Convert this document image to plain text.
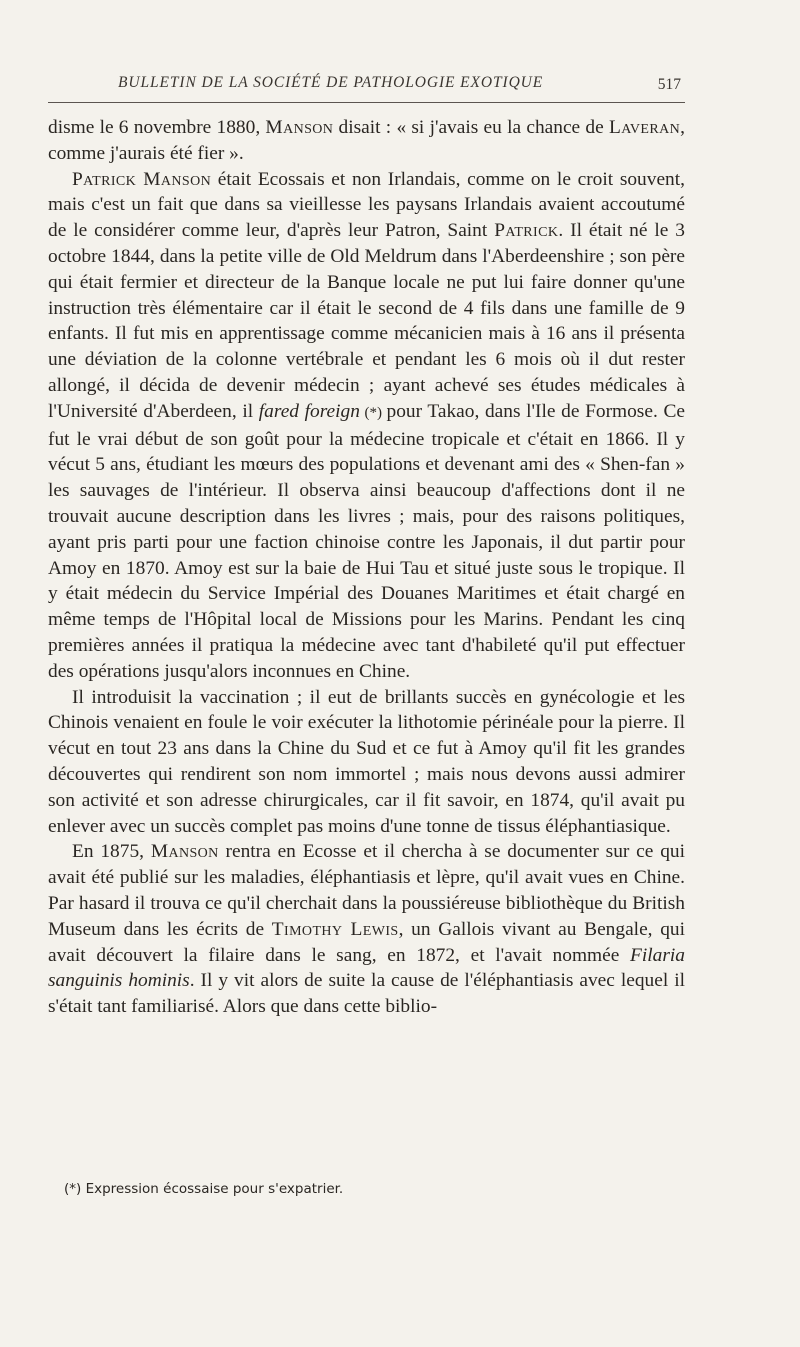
BULLETIN DE LA SOCIÉTÉ DE PATHOLOGIE EXOTIQUE	517

disme le 6 novembre 1880, Manson disait : « si j'avais eu la chance de Laveran, comme j'aurais été fier ».

Patrick Manson était Ecossais et non Irlandais, comme on le croit souvent, mais c'est un fait que dans sa vieillesse les paysans Irlandais avaient accoutumé de le considérer comme leur, d'après leur Patron, Saint Patrick. Il était né le 3 octobre 1844, dans la petite ville de Old Meldrum dans l'Aberdeenshire ; son père qui était fermier et directeur de la Banque locale ne put lui faire donner qu'une instruction très élémentaire car il était le second de 4 fils dans une famille de 9 enfants. Il fut mis en apprentissage comme mécanicien mais à 16 ans il présenta une déviation de la colonne vertébrale et pendant les 6 mois où il dut rester allongé, il décida de devenir médecin ; ayant achevé ses études médicales à l'Université d'Aberdeen, il fared foreign (*) pour Takao, dans l'Ile de Formose. Ce fut le vrai début de son goût pour la médecine tropicale et c'était en 1866. Il y vécut 5 ans, étudiant les mœurs des populations et devenant ami des « Shen-fan » les sauvages de l'intérieur. Il observa ainsi beaucoup d'affections dont il ne trouvait aucune description dans les livres ; mais, pour des raisons politiques, ayant pris parti pour une faction chinoise contre les Japonais, il dut partir pour Amoy en 1870. Amoy est sur la baie de Hui Tau et situé juste sous le tropique. Il y était médecin du Service Impérial des Douanes Maritimes et était chargé en même temps de l'Hôpital local de Missions pour les Marins. Pendant les cinq premières années il pratiqua la médecine avec tant d'habileté qu'il put effectuer des opérations jusqu'alors inconnues en Chine.

Il introduisit la vaccination ; il eut de brillants succès en gynécologie et les Chinois venaient en foule le voir exécuter la lithotomie périnéale pour la pierre. Il vécut en tout 23 ans dans la Chine du Sud et ce fut à Amoy qu'il fit les grandes découvertes qui rendirent son nom immortel ; mais nous devons aussi admirer son activité et son adresse chirurgicales, car il fit savoir, en 1874, qu'il avait pu enlever avec un succès complet pas moins d'une tonne de tissus éléphantiasique.

En 1875, Manson rentra en Ecosse et il chercha à se documenter sur ce qui avait été publié sur les maladies, éléphantiasis et lèpre, qu'il avait vues en Chine. Par hasard il trouva ce qu'il cherchait dans la poussiéreuse bibliothèque du British Museum dans les écrits de Timothy Lewis, un Gallois vivant au Bengale, qui avait découvert la filaire dans le sang, en 1872, et l'avait nommée Filaria sanguinis hominis. Il y vit alors de suite la cause de l'éléphantiasis avec lequel il s'était tant familiarisé. Alors que dans cette biblio-

(*) Expression écossaise pour s'expatrier.
